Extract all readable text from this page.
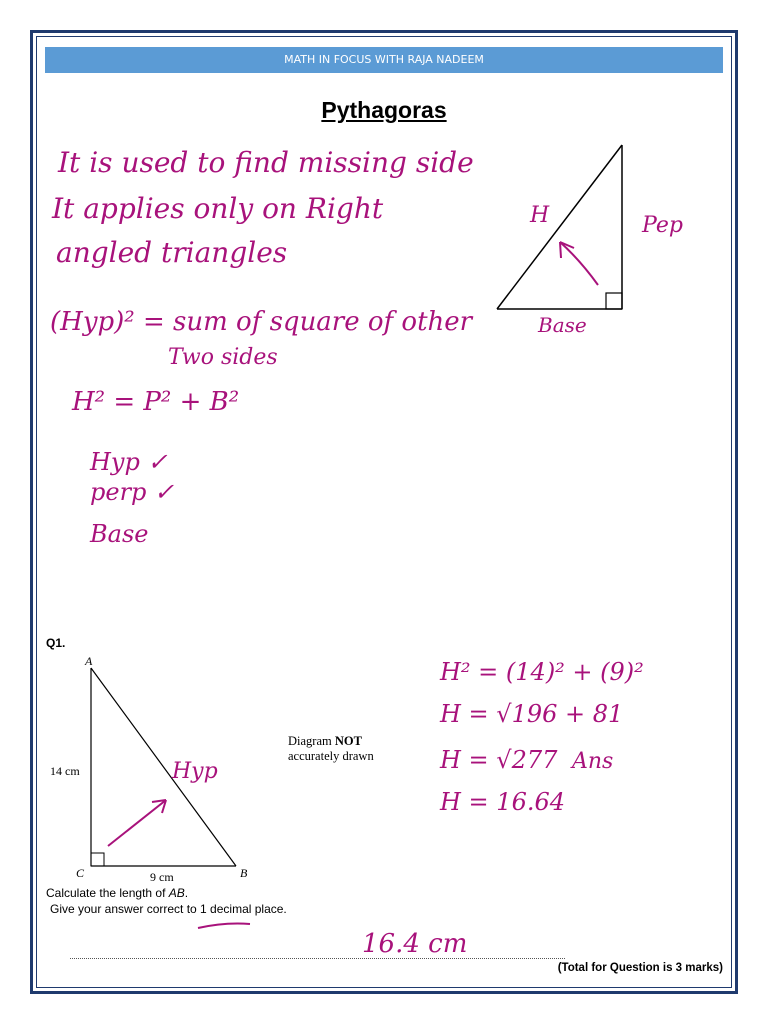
MATH IN FOCUS WITH RAJA NADEEM
Pythagoras
It is used to find missing side
It applies only on Right
angled triangles
(Hyp)² = sum of square of other
Two sides
H² = P² + B²
Hyp ✓
perp ✓
Base
H	Pep
Base
Hyp
H² = (14)² + (9)²
H = √196 + 81
H = √277 Ans
H = 16.64
16.4 cm
Q1.
A
B
C
14 cm
9 cm
Diagram NOT
accurately drawn
Calculate the length of AB.
Give your answer correct to 1 decimal place.
(Total for Question is 3 marks)
